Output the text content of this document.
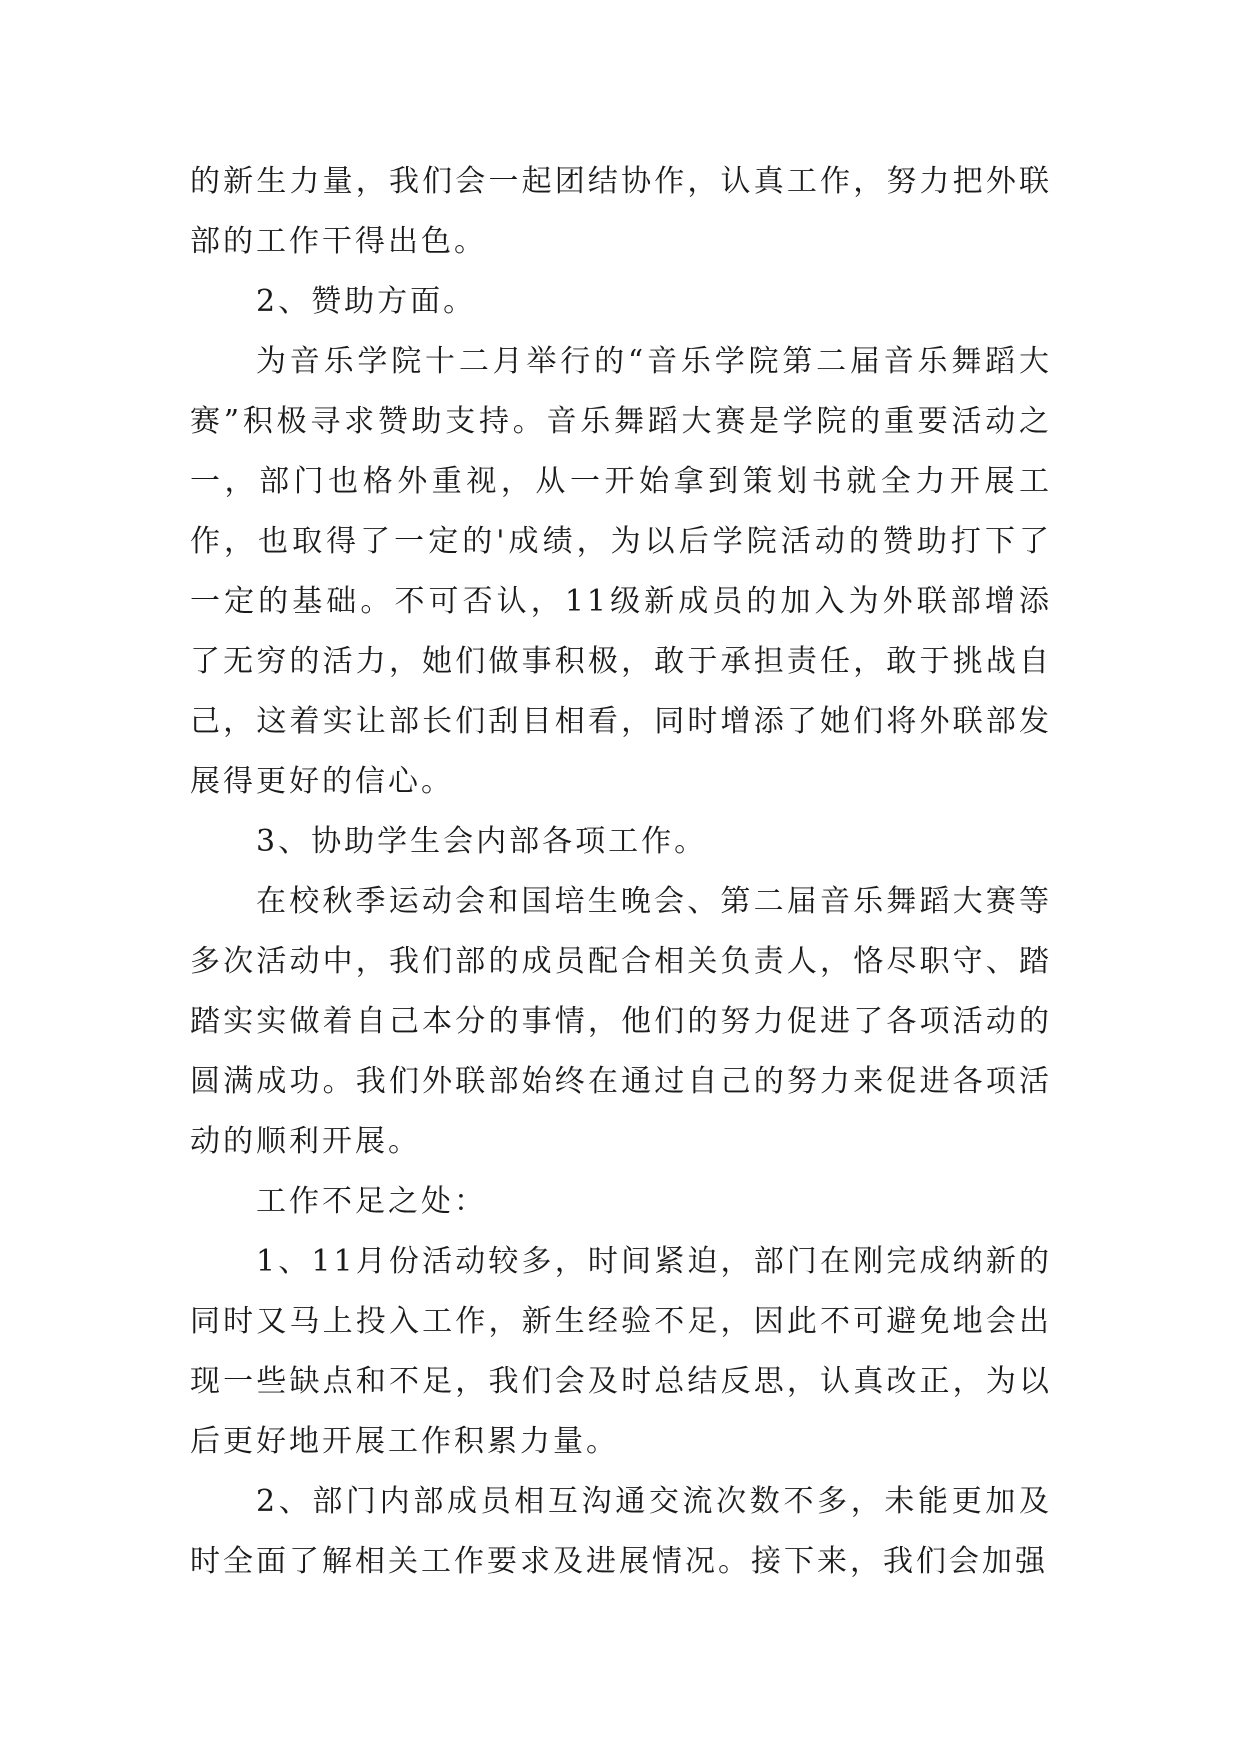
的新生力量，我们会一起团结协作，认真工作，努力把外联部的工作干得出色。

2、赞助方面。

为音乐学院十二月举行的“音乐学院第二届音乐舞蹈大赛”积极寻求赞助支持。音乐舞蹈大赛是学院的重要活动之一，部门也格外重视，从一开始拿到策划书就全力开展工作，也取得了一定的'成绩，为以后学院活动的赞助打下了一定的基础。不可否认，11级新成员的加入为外联部增添了无穷的活力，她们做事积极，敢于承担责任，敢于挑战自己，这着实让部长们刮目相看，同时增添了她们将外联部发展得更好的信心。

3、协助学生会内部各项工作。

在校秋季运动会和国培生晚会、第二届音乐舞蹈大赛等多次活动中，我们部的成员配合相关负责人，恪尽职守、踏踏实实做着自己本分的事情，他们的努力促进了各项活动的圆满成功。我们外联部始终在通过自己的努力来促进各项活动的顺利开展。

工作不足之处：

1、11月份活动较多，时间紧迫，部门在刚完成纳新的同时又马上投入工作，新生经验不足，因此不可避免地会出现一些缺点和不足，我们会及时总结反思，认真改正，为以后更好地开展工作积累力量。

2、部门内部成员相互沟通交流次数不多，未能更加及时全面了解相关工作要求及进展情况。接下来，我们会加强
